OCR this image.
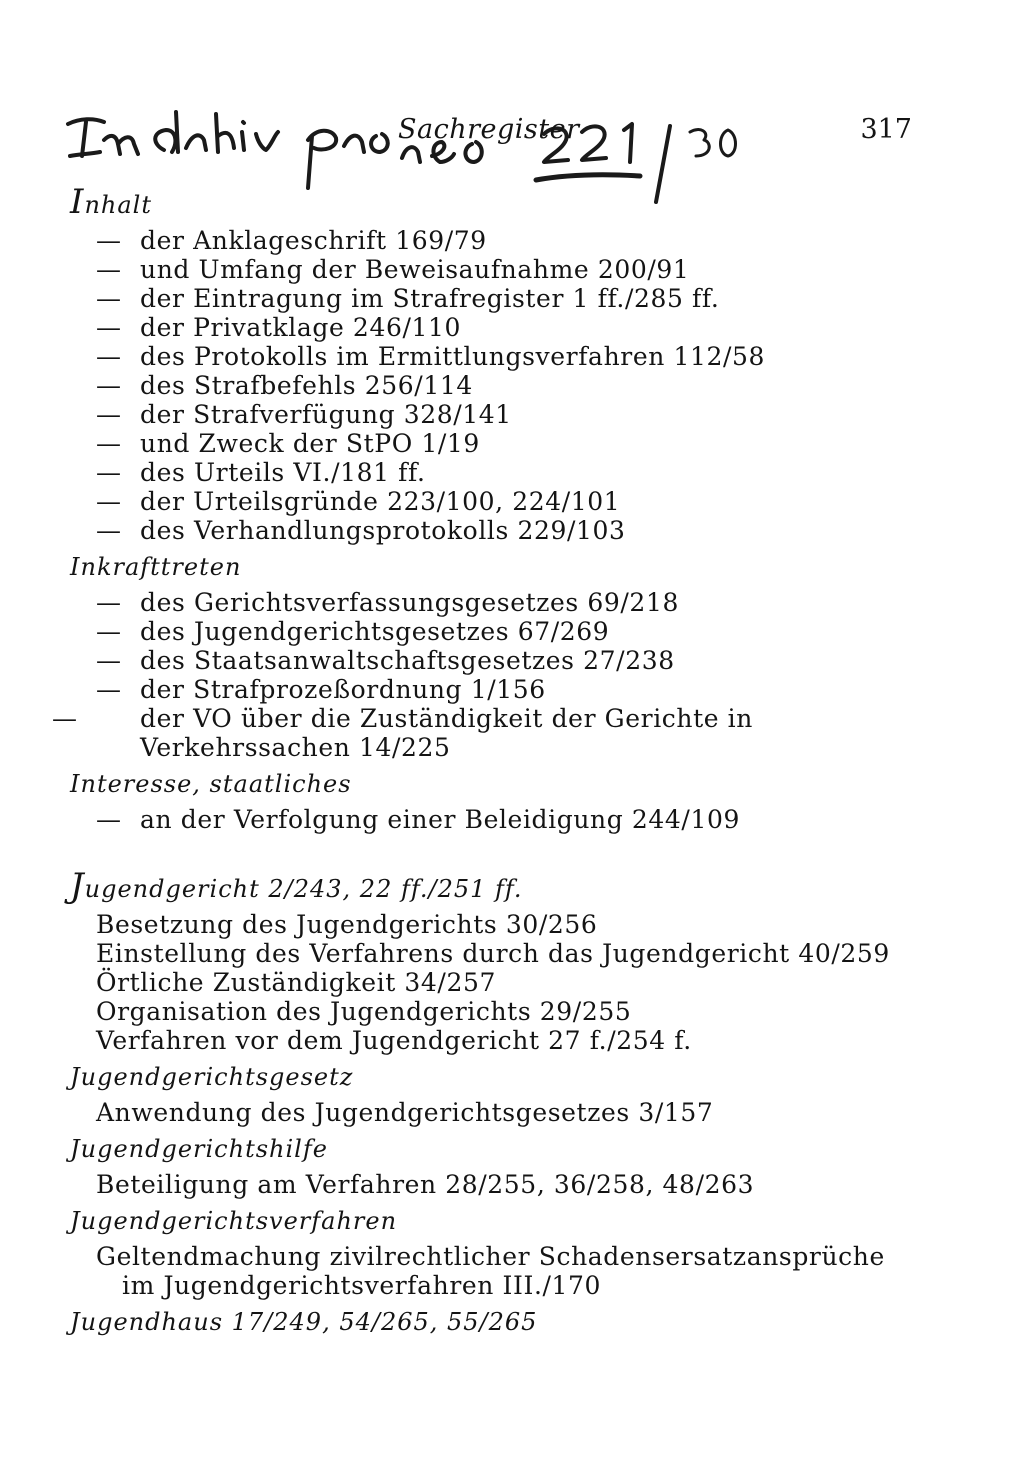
Sachregister	317
Inhalt
— der Anklageschrift 169/79
— und Umfang der Beweisaufnahme 200/91
— der Eintragung im Strafregister 1 ff./285 ff.
— der Privatklage 246/110
— des Protokolls im Ermittlungsverfahren 112/58
— des Strafbefehls 256/114
— der Strafverfügung 328/141
— und Zweck der StPO 1/19
— des Urteils VI./181 ff.
— der Urteilsgründe 223/100, 224/101
— des Verhandlungsprotokolls 229/103
Inkrafttreten
— des Gerichtsverfassungsgesetzes 69/218
— des Jugendgerichtsgesetzes 67/269
— des Staatsanwaltschaftsgesetzes 27/238
— der Strafprozeßordnung 1/156
— der VO über die Zuständigkeit der Gerichte in Verkehrssachen 14/225
Interesse, staatliches
— an der Verfolgung einer Beleidigung 244/109
Jugendgericht 2/243, 22 ff./251 ff.
Besetzung des Jugendgerichts 30/256
Einstellung des Verfahrens durch das Jugendgericht 40/259
Örtliche Zuständigkeit 34/257
Organisation des Jugendgerichts 29/255
Verfahren vor dem Jugendgericht 27 f./254 f.
Jugendgerichtsgesetz
Anwendung des Jugendgerichtsgesetzes 3/157
Jugendgerichtshilfe
Beteiligung am Verfahren 28/255, 36/258, 48/263
Jugendgerichtsverfahren
Geltendmachung zivilrechtlicher Schadensersatzansprüche im Jugendgerichtsverfahren III./170
Jugendhaus 17/249, 54/265, 55/265
